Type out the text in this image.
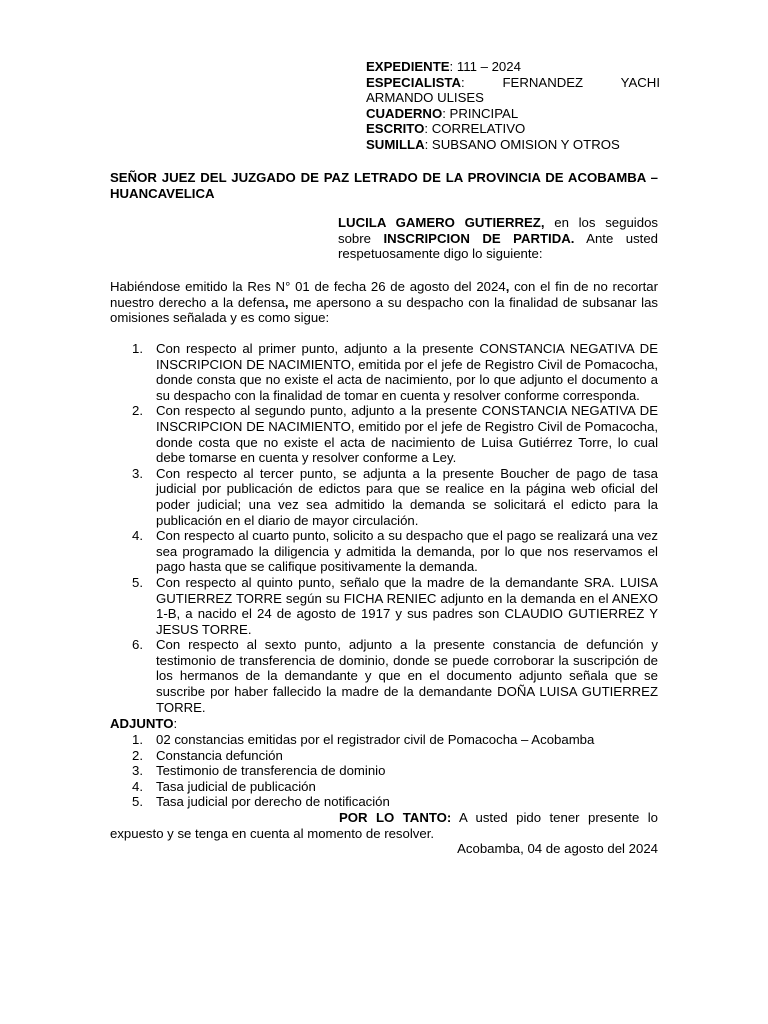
EXPEDIENTE: 111 – 2024
ESPECIALISTA: FERNANDEZ YACHI ARMANDO ULISES
CUADERNO: PRINCIPAL
ESCRITO: CORRELATIVO
SUMILLA: SUBSANO OMISION Y OTROS
SEÑOR JUEZ DEL JUZGADO DE PAZ LETRADO DE LA PROVINCIA DE ACOBAMBA – HUANCAVELICA
LUCILA GAMERO GUTIERREZ, en los seguidos sobre INSCRIPCION DE PARTIDA. Ante usted respetuosamente digo lo siguiente:
Habiéndose emitido la Res N° 01 de fecha 26 de agosto del 2024, con el fin de no recortar nuestro derecho a la defensa, me apersono a su despacho con la finalidad de subsanar las omisiones señalada y es como sigue:
1. Con respecto al primer punto, adjunto a la presente CONSTANCIA NEGATIVA DE INSCRIPCION DE NACIMIENTO, emitida por el jefe de Registro Civil de Pomacocha, donde consta que no existe el acta de nacimiento, por lo que adjunto el documento a su despacho con la finalidad de tomar en cuenta y resolver conforme corresponda.
2. Con respecto al segundo punto, adjunto a la presente CONSTANCIA NEGATIVA DE INSCRIPCION DE NACIMIENTO, emitido por el jefe de Registro Civil de Pomacocha, donde costa que no existe el acta de nacimiento de Luisa Gutiérrez Torre, lo cual debe tomarse en cuenta y resolver conforme a Ley.
3. Con respecto al tercer punto, se adjunta a la presente Boucher de pago de tasa judicial por publicación de edictos para que se realice en la página web oficial del poder judicial; una vez sea admitido la demanda se solicitará el edicto para la publicación en el diario de mayor circulación.
4. Con respecto al cuarto punto, solicito a su despacho que el pago se realizará una vez sea programado la diligencia y admitida la demanda, por lo que nos reservamos el pago hasta que se califique positivamente la demanda.
5. Con respecto al quinto punto, señalo que la madre de la demandante SRA. LUISA GUTIERREZ TORRE según su FICHA RENIEC adjunto en la demanda en el ANEXO 1-B, a nacido el 24 de agosto de 1917 y sus padres son CLAUDIO GUTIERREZ Y JESUS TORRE.
6. Con respecto al sexto punto, adjunto a la presente constancia de defunción y testimonio de transferencia de dominio, donde se puede corroborar la suscripción de los hermanos de la demandante y que en el documento adjunto señala que se suscribe por haber fallecido la madre de la demandante DOÑA LUISA GUTIERREZ TORRE.
ADJUNTO:
1. 02 constancias emitidas por el registrador civil de Pomacocha – Acobamba
2. Constancia defunción
3. Testimonio de transferencia de dominio
4. Tasa judicial de publicación
5. Tasa judicial por derecho de notificación
POR LO TANTO: A usted pido tener presente lo expuesto y se tenga en cuenta al momento de resolver.
Acobamba, 04 de agosto del 2024
